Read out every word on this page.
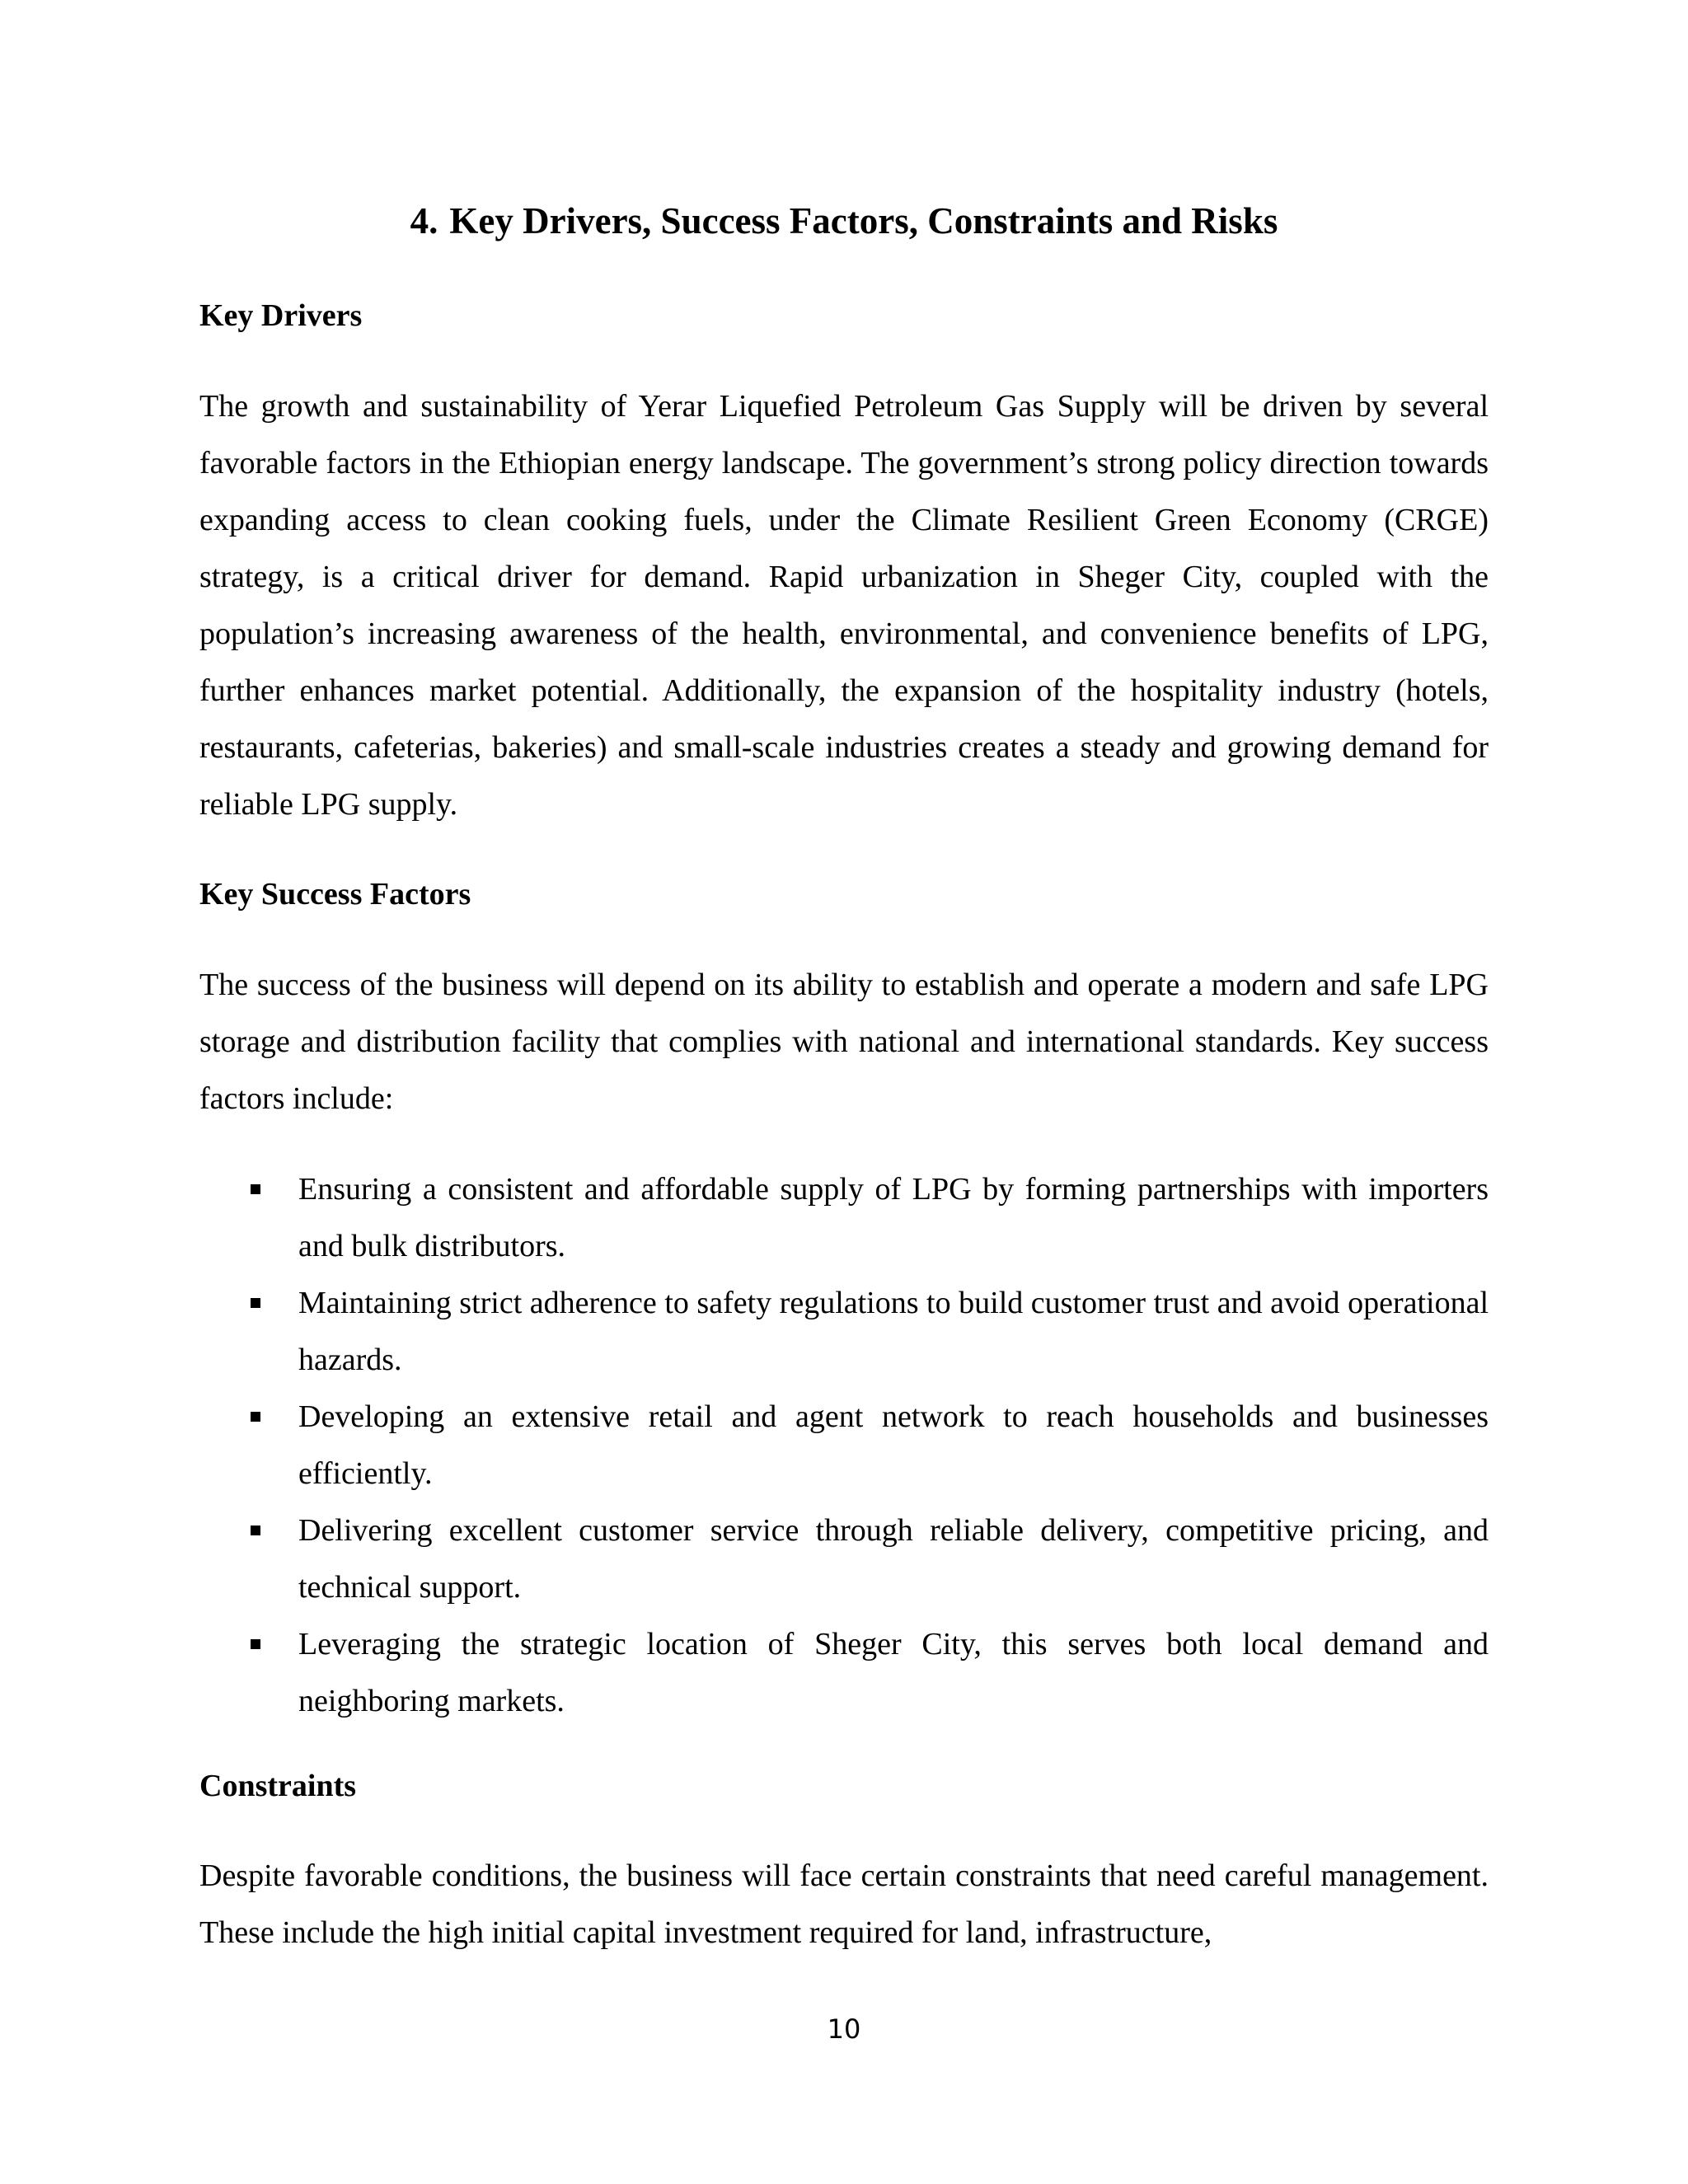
4. Key Drivers, Success Factors, Constraints and Risks
Key Drivers

The growth and sustainability of Yerar Liquefied Petroleum Gas Supply will be driven by several favorable factors in the Ethiopian energy landscape. The government’s strong policy direction towards expanding access to clean cooking fuels, under the Climate Resilient Green Economy (CRGE) strategy, is a critical driver for demand. Rapid urbanization in Sheger City, coupled with the population’s increasing awareness of the health, environmental, and convenience benefits of LPG, further enhances market potential. Additionally, the expansion of the hospitality industry (hotels, restaurants, cafeterias, bakeries) and small-scale industries creates a steady and growing demand for reliable LPG supply.

Key Success Factors

The success of the business will depend on its ability to establish and operate a modern and safe LPG storage and distribution facility that complies with national and international standards. Key success factors include:

Ensuring a consistent and affordable supply of LPG by forming partnerships with importers and bulk distributors.
Maintaining strict adherence to safety regulations to build customer trust and avoid operational hazards.
Developing an extensive retail and agent network to reach households and businesses efficiently.
Delivering excellent customer service through reliable delivery, competitive pricing, and technical support.
Leveraging the strategic location of Sheger City, this serves both local demand and neighboring markets.
Constraints

Despite favorable conditions, the business will face certain constraints that need careful management. These include the high initial capital investment required for land, infrastructure,

10
